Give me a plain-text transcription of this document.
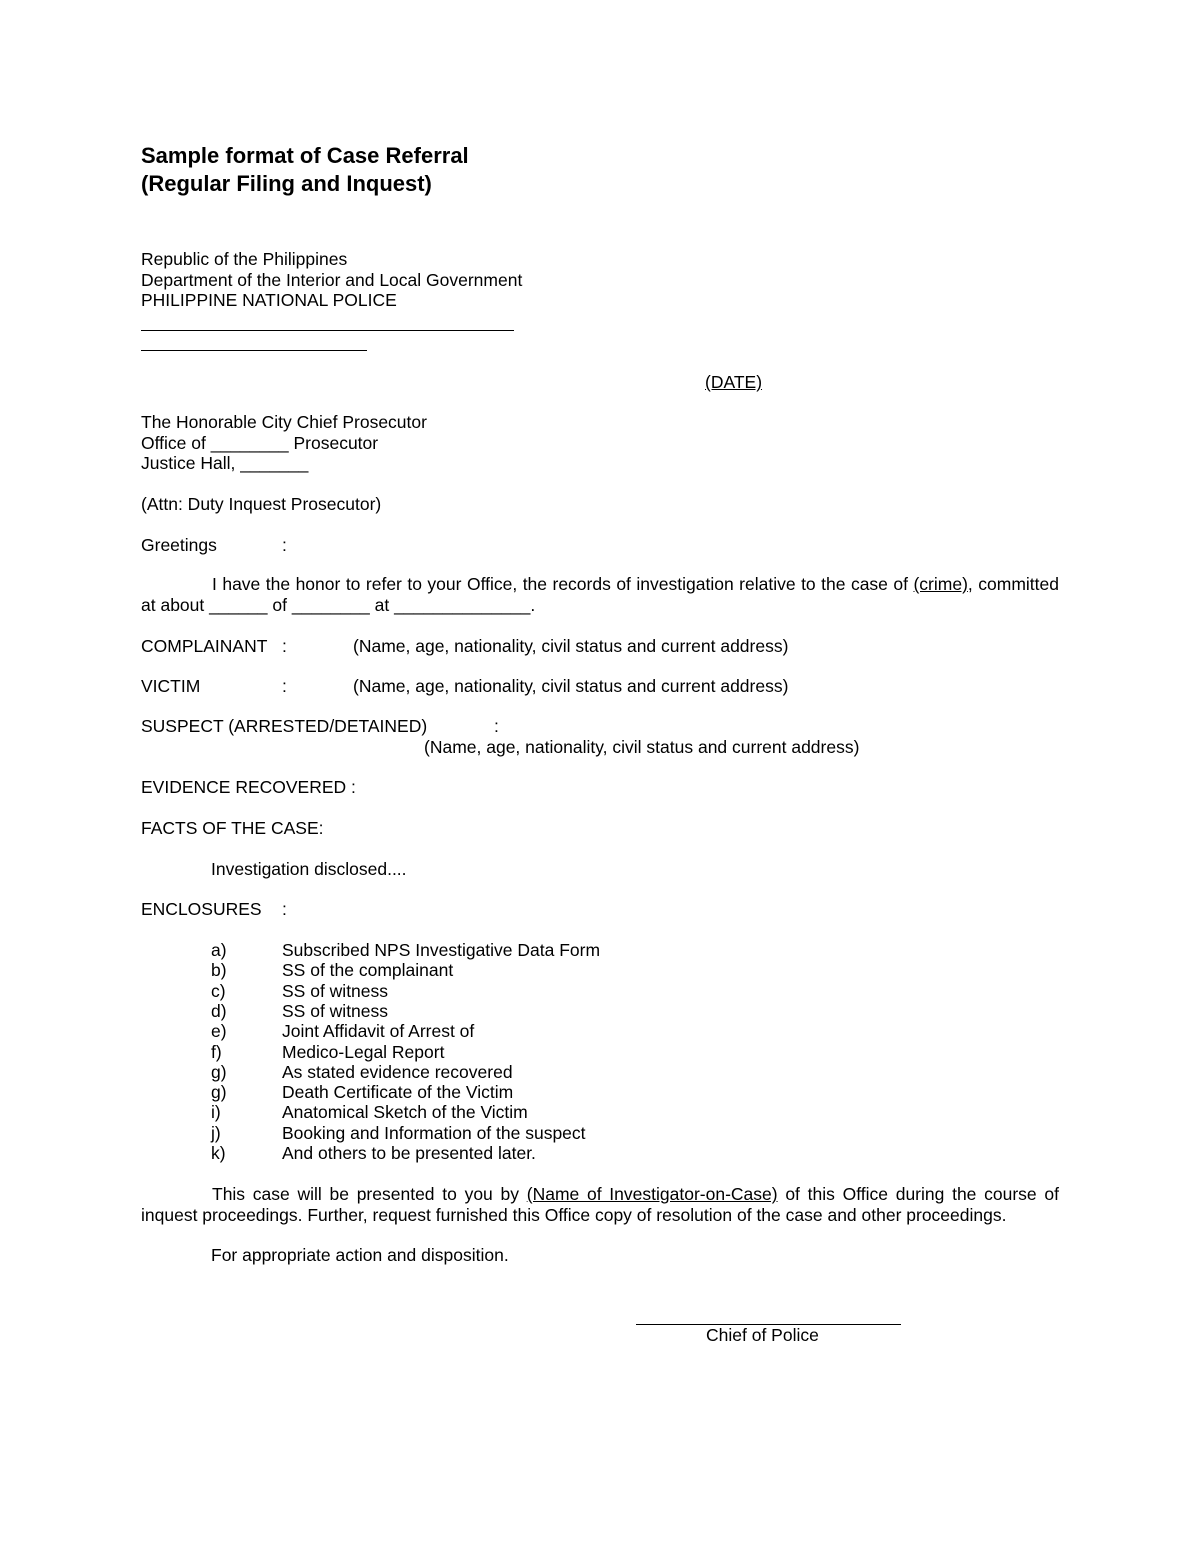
Sample format of Case Referral
(Regular Filing and Inquest)
Republic of the Philippines
Department of the Interior and Local Government
PHILIPPINE NATIONAL POLICE
(DATE)
The Honorable City Chief Prosecutor
Office of ________ Prosecutor
Justice Hall, _______
(Attn: Duty Inquest Prosecutor)
Greetings	:
I have the honor to refer to your Office, the records of investigation relative to the case of (crime), committed at about ______ of ________ at ______________.
COMPLAINANT :	(Name, age, nationality, civil status and current address)
VICTIM	:	(Name, age, nationality, civil status and current address)
SUSPECT (ARRESTED/DETAINED)	:
(Name, age, nationality, civil status and current address)
EVIDENCE RECOVERED :
FACTS OF THE CASE:
Investigation disclosed....
ENCLOSURES :
a)	Subscribed NPS Investigative Data Form
b)	SS of the complainant
c)	SS of witness
d)	SS of witness
e)	Joint Affidavit of Arrest of
f)	Medico-Legal Report
g)	As stated evidence recovered
g)	Death Certificate of the Victim
i)	Anatomical Sketch of the Victim
j)	Booking and Information of the suspect
k)	And others to be presented later.
This case will be presented to you by (Name of Investigator-on-Case) of this Office during the course of inquest proceedings. Further, request furnished this Office copy of resolution of the case and other proceedings.
For appropriate action and disposition.
Chief of Police
